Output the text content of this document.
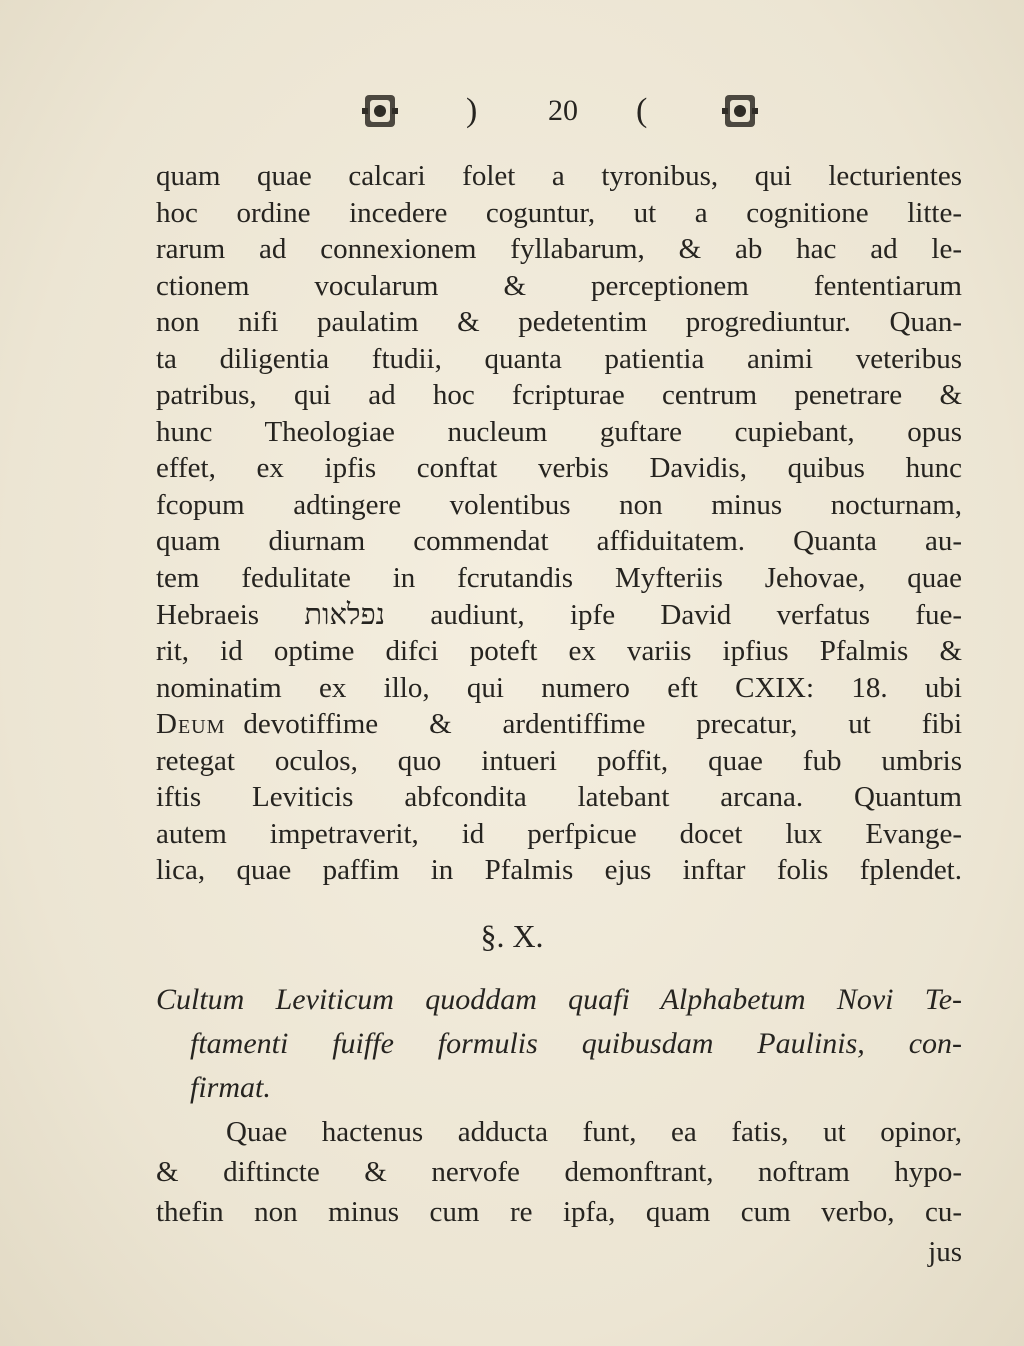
) 20 (
quam quae calcari folet a tyronibus, qui lecturientes
hoc ordine incedere coguntur, ut a cognitione litte-
rarum ad connexionem fyllabarum, & ab hac ad le-
ctionem vocularum & perceptionem fententiarum
non nifi paulatim & pedetentim progrediuntur. Quan-
ta diligentia ftudii, quanta patientia animi veteribus
patribus, qui ad hoc fcripturae centrum penetrare &
hunc Theologiae nucleum guftare cupiebant, opus
effet, ex ipfis conftat verbis Davidis, quibus hunc
fcopum adtingere volentibus non minus nocturnam,
quam diurnam commendat affiduitatem. Quanta au-
tem fedulitate in fcrutandis Myfteriis Jehovae, quae
Hebraeis נפלאות audiunt, ipfe David verfatus fue-
rit, id optime difci poteft ex variis ipfius Pfalmis &
nominatim ex illo, qui numero eft CXIX: 18. ubi
Deum devotiffime & ardentiffime precatur, ut fibi
retegat oculos, quo intueri poffit, quae fub umbris
iftis Leviticis abfcondita latebant arcana. Quantum
autem impetraverit, id perfpicue docet lux Evange-
lica, quae paffim in Pfalmis ejus inftar folis fplendet.
§. X.
Cultum Leviticum quoddam quafi Alphabetum Novi Te-
ftamenti fuiffe formulis quibusdam Paulinis, con-
firmat.
Quae hactenus adducta funt, ea fatis, ut opinor,
& diftincte & nervofe demonftrant, noftram hypo-
thefin non minus cum re ipfa, quam cum verbo, cu-
jus
